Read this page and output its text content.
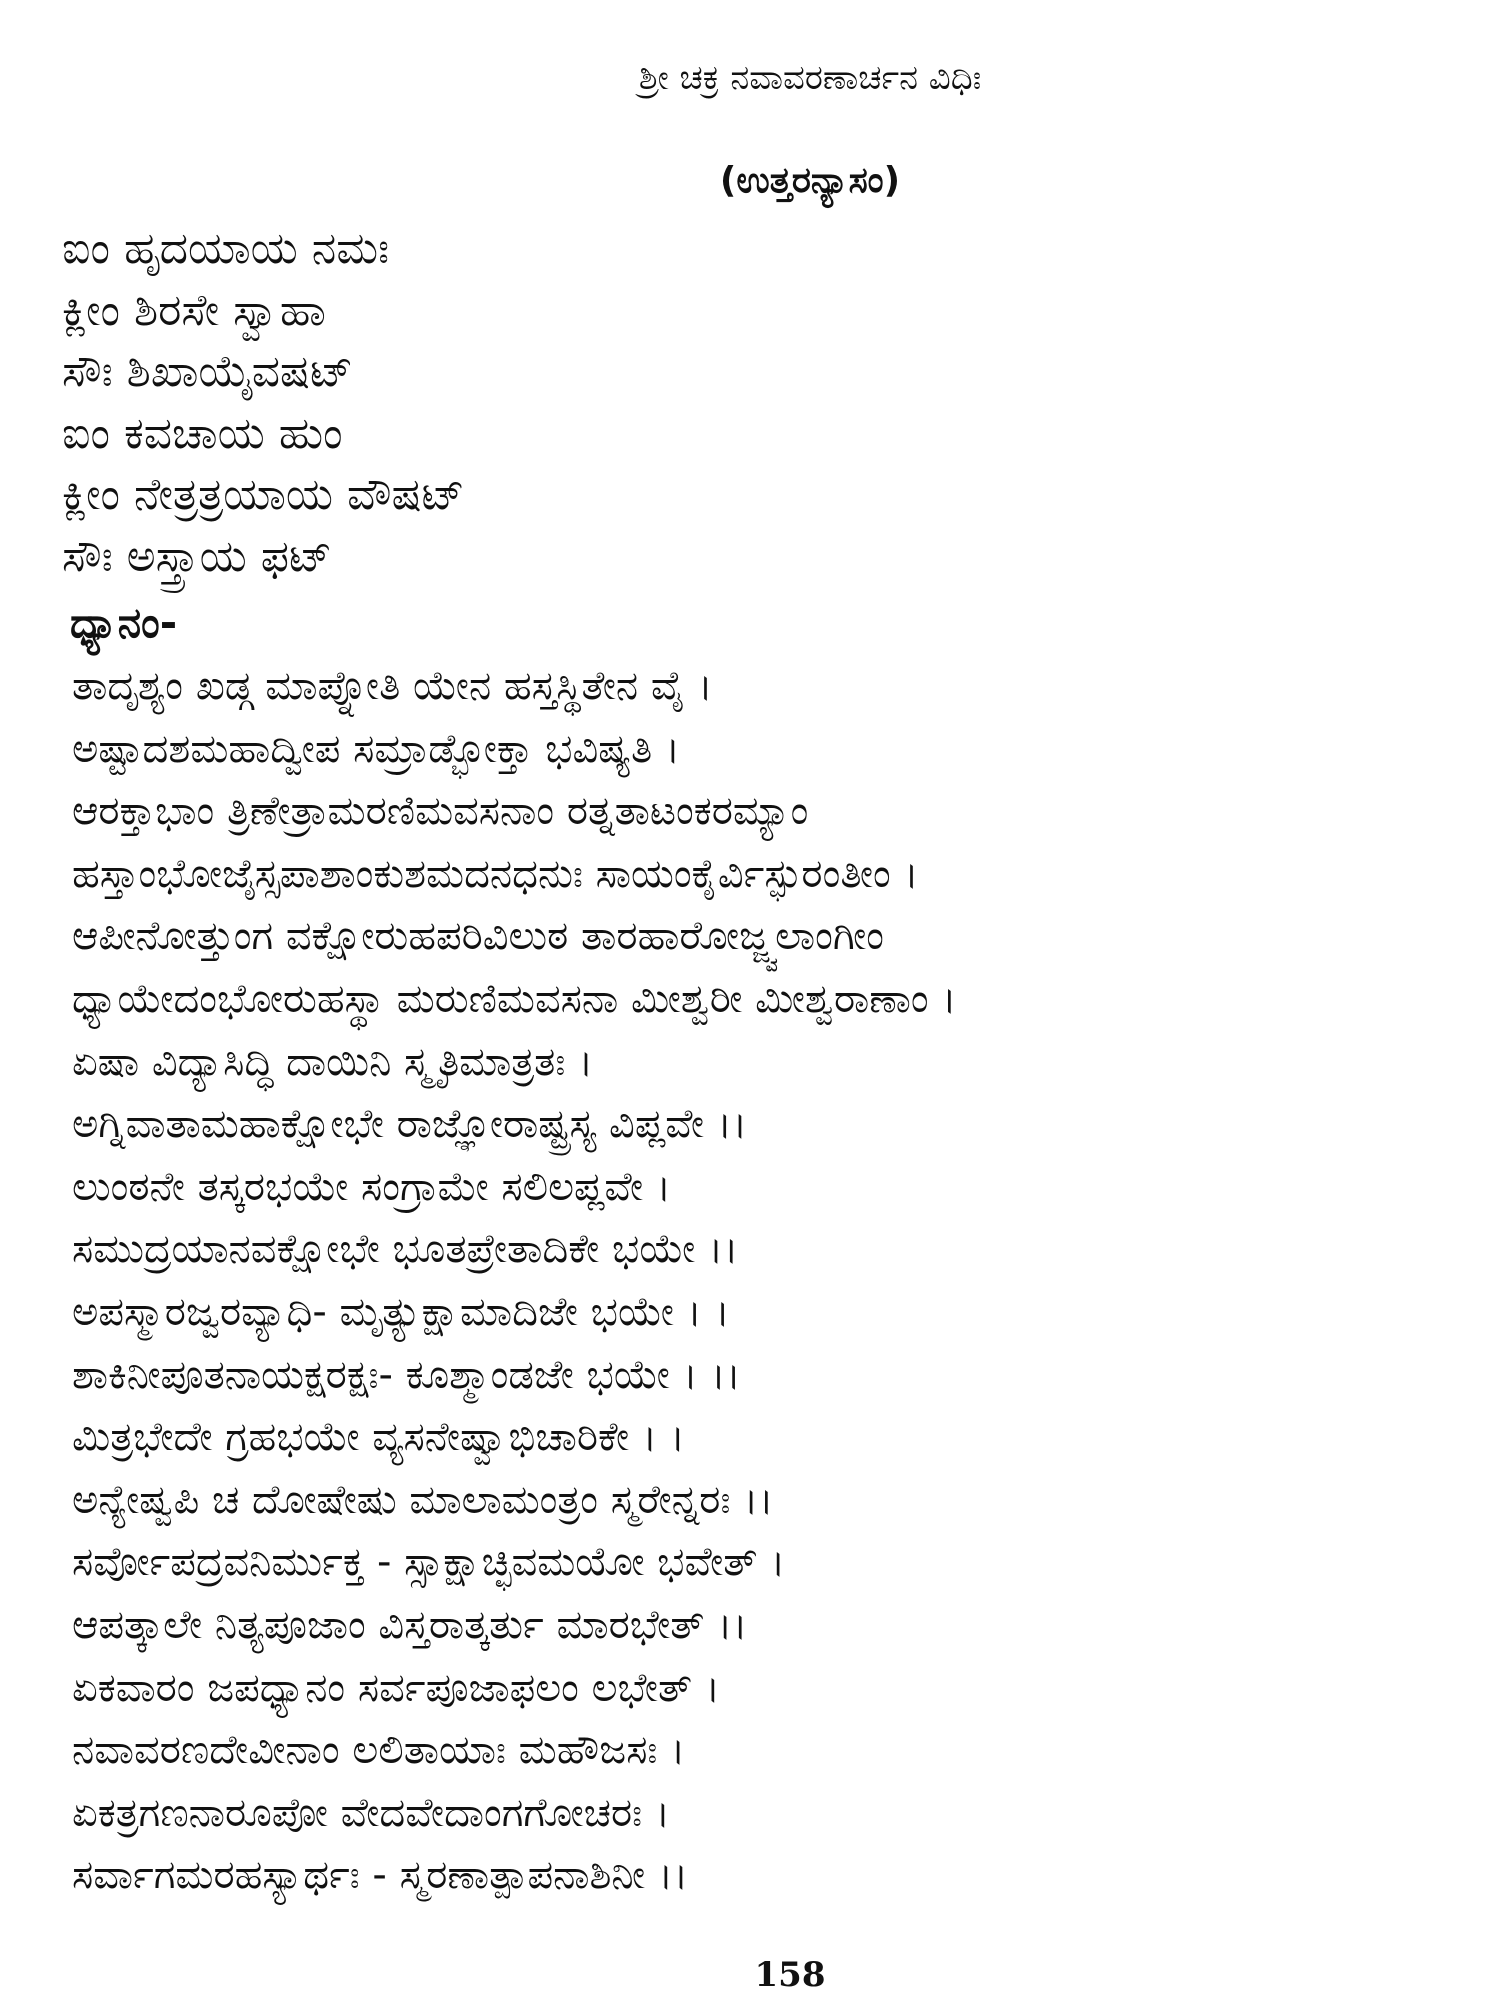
ಶ್ರೀ ಚಕ್ರ ನವಾವರಣಾರ್ಚನ ವಿಧಿಃ
(ಉತ್ತರನ್ಯಾಸಂ)
ಐಂ ಹೃದಯಾಯ ನಮಃ
ಕ್ಲೀಂ ಶಿರಸೇ ಸ್ವಾಹಾ
ಸೌಃ ಶಿಖಾಯೈವಷಟ್
ಐಂ ಕವಚಾಯ ಹುಂ
ಕ್ಲೀಂ ನೇತ್ರತ್ರಯಾಯ ವೌಷಟ್
ಸೌಃ ಅಸ್ತ್ರಾಯ ಫಟ್
ಧ್ಯಾನಂ-
ತಾದೃಶ್ಯಂ ಖಡ್ಗ ಮಾಪ್ನೋತಿ ಯೇನ ಹಸ್ತಸ್ಥಿತೇನ ವೈ ।
ಅಷ್ಟಾದಶಮಹಾದ್ವೀಪ ಸಮ್ರಾಡ್ಭೋಕ್ತಾ ಭವಿಷ್ಯತಿ ।
ಆರಕ್ತಾಭಾಂ ತ್ರಿಣೇತ್ರಾಮರಣಿಮವಸನಾಂ ರತ್ನತಾಟಂಕರಮ್ಯಾಂ
ಹಸ್ತಾಂಭೋಜೈಸ್ಸಪಾಶಾಂಕುಶಮದನಧನುಃ ಸಾಯಂಕೈರ್ವಿಸ್ಫುರಂತೀಂ ।
ಆಪೀನೋತ್ತುಂಗ ವಕ್ಷೋರುಹಪರಿವಿಲುಠ ತಾರಹಾರೋಜ್ಜ್ವಲಾಂಗೀಂ
ಧ್ಯಾಯೇದಂಭೋರುಹಸ್ಥಾ ಮರುಣಿಮವಸನಾ ಮೀಶ್ವರೀ ಮೀಶ್ವರಾಣಾಂ ।
ಏಷಾ ವಿದ್ಯಾಸಿದ್ಧಿ ದಾಯಿನಿ ಸ್ಮೃತಿಮಾತ್ರತಃ ।
ಅಗ್ನಿವಾತಾಮಹಾಕ್ಷೋಭೇ ರಾಜ್ಞೋರಾಷ್ಟ್ರಸ್ಯ ವಿಪ್ಲವೇ ।।
ಲುಂಠನೇ ತಸ್ಕರಭಯೇ ಸಂಗ್ರಾಮೇ ಸಲಿಲಪ್ಲವೇ ।
ಸಮುದ್ರಯಾನವಕ್ಷೋಭೇ ಭೂತಪ್ರೇತಾದಿಕೇ ಭಯೇ ।।
ಅಪಸ್ಮಾರಜ್ವರವ್ಯಾಧಿ- ಮೃತ್ಯುಕ್ಷಾಮಾದಿಜೇ ಭಯೇ । ।
ಶಾಕಿನೀಪೂತನಾಯಕ್ಷರಕ್ಷಃ- ಕೂಶ್ಮಾಂಡಜೇ ಭಯೇ । ।।
ಮಿತ್ರಭೇದೇ ಗ್ರಹಭಯೇ ವ್ಯಸನೇಷ್ವಾಭಿಚಾರಿಕೇ । ।
ಅನ್ಯೇಷ್ವಪಿ ಚ ದೋಷೇಷು ಮಾಲಾಮಂತ್ರಂ ಸ್ಮರೇನ್ನರಃ ।।
ಸರ್ವೋಪದ್ರವನಿರ್ಮುಕ್ತ - ಸ್ಸಾಕ್ಷಾಚ್ಛಿವಮಯೋ ಭವೇತ್ ।
ಆಪತ್ಕಾಲೇ ನಿತ್ಯಪೂಜಾಂ ವಿಸ್ತರಾತ್ಕರ್ತು ಮಾರಭೇತ್ ।।
ಏಕವಾರಂ ಜಪಧ್ಯಾನಂ ಸರ್ವಪೂಜಾಫಲಂ ಲಭೇತ್ ।
ನವಾವರಣದೇವೀನಾಂ ಲಲಿತಾಯಾಃ ಮಹೌಜಸಃ ।
ಏಕತ್ರಗಣನಾರೂಪೋ ವೇದವೇದಾಂಗಗೋಚರಃ ।
ಸರ್ವಾಗಮರಹಸ್ಯಾರ್ಥಃ - ಸ್ಮರಣಾತ್ಪಾಪನಾಶಿನೀ ।।
158
